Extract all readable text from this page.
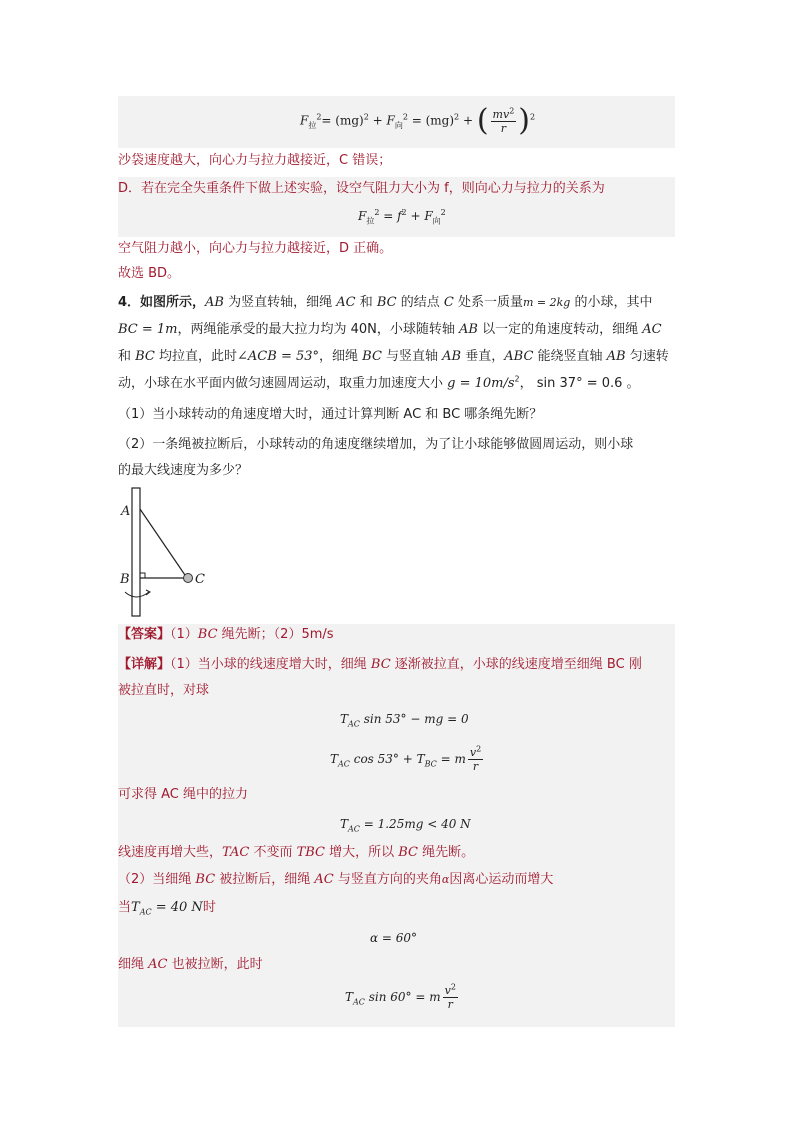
$F_拉^2= (mg)^2 + F_向^2 = (mg)^2$ + ( $\frac{mv^2}{r} )^2$
沙袋速度越大，向心力与拉力越接近，C 错误；
D．若在完全失重条件下做上述实验，设空气阻力大小为 f，则向心力与拉力的关系为
$F_拉^2 = f^2 + F_向^2$
空气阻力越小，向心力与拉力越接近，D 正确。
故选 BD。
4．如图所示，AB 为竖直转轴，细绳 AC 和 BC 的结点 C 处系一质量m = 2kg 的小球，其中
BC = 1m，两绳能承受的最大拉力均为 40N，小球随转轴 AB 以一定的角速度转动，细绳 AC
和 BC 均拉直，此时∠ACB = 53°，细绳 BC 与竖直轴 AB 垂直，ABC 能绕竖直轴 AB 匀速转
动，小球在水平面内做匀速圆周运动，取重力加速度大小 $g = 10m/s^2$， sin 37° = 0.6 。
（1）当小球转动的角速度增大时，通过计算判断 AC 和 BC 哪条绳先断？
（2）一条绳被拉断后，小球转动的角速度继续增加，为了让小球能够做圆周运动，则小球
的最大线速度为多少？
A
B	C
【答案】（1）BC 绳先断；（2）5m/s
【详解】（1）当小球的线速度增大时，细绳 BC 逐渐被拉直，小球的线速度增至细绳 BC 刚
被拉直时，对球
$T_{AC}$ sin 53° − mg = 0
$T_{AC}$ $\cos 53^\circ + T_{BC} = m \frac{v^2}{r}$
可求得 AC 绳中的拉力
$T_{AC} = 1.25mg < 40$ N
线速度再增大些，TAC 不变而 TBC 增大，所以 BC 绳先断。
（2）当细绳 BC 被拉断后，细绳 AC 与竖直方向的夹角α因离心运动而增大
当$T_{AC} = 40$ N时
α = 60°
细绳 AC 也被拉断，此时
$T_{AC}$ sin 60° = m $\frac{v^2}{r}$
